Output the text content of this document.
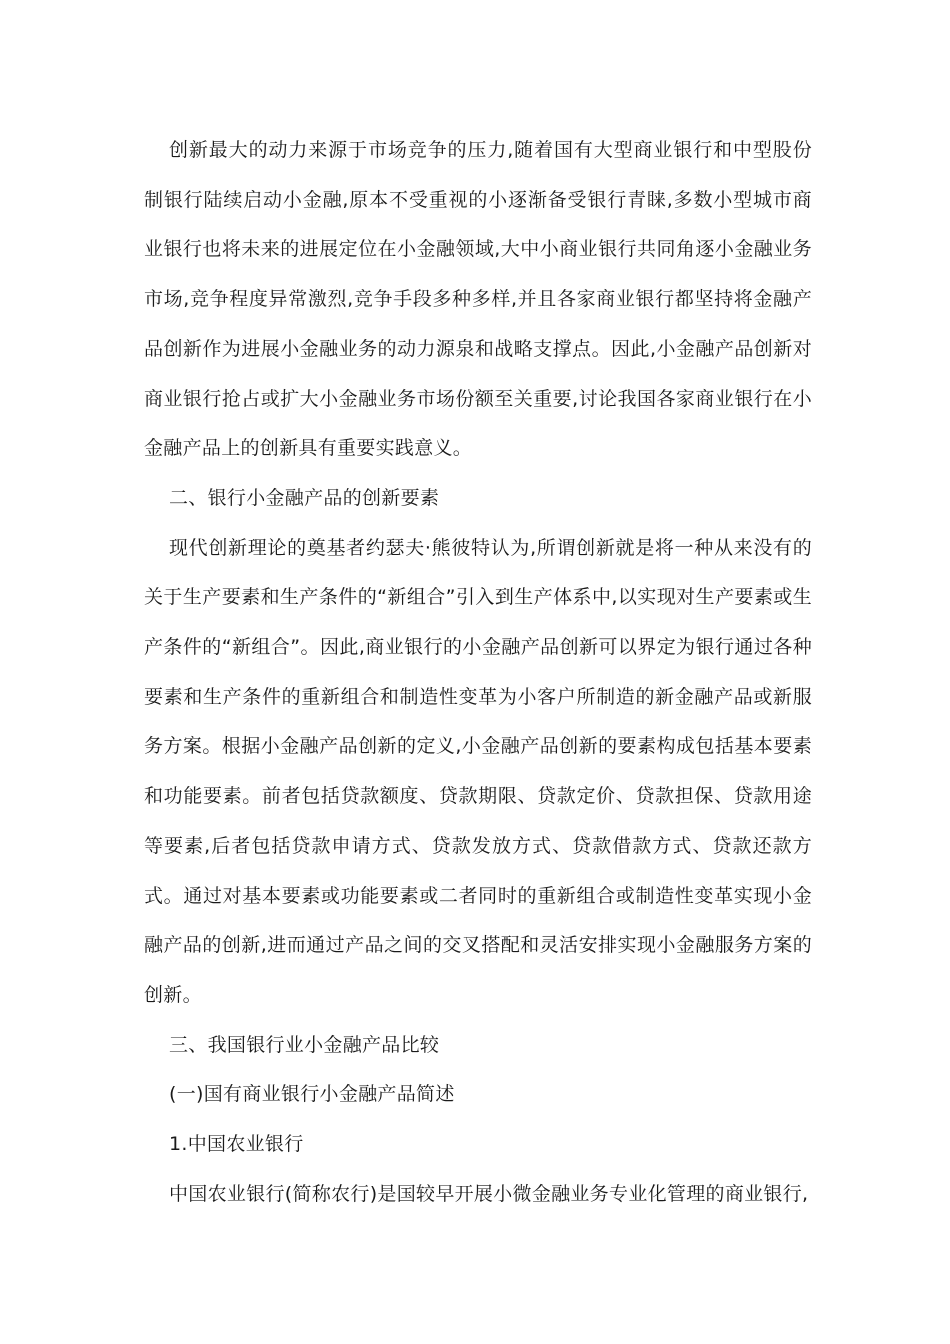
创新最大的动力来源于市场竞争的压力,随着国有大型商业银行和中型股份制银行陆续启动小金融,原本不受重视的小逐渐备受银行青睐,多数小型城市商业银行也将未来的进展定位在小金融领域,大中小商业银行共同角逐小金融业务市场,竞争程度异常激烈,竞争手段多种多样,并且各家商业银行都坚持将金融产品创新作为进展小金融业务的动力源泉和战略支撑点。因此,小金融产品创新对商业银行抢占或扩大小金融业务市场份额至关重要,讨论我国各家商业银行在小金融产品上的创新具有重要实践意义。

二、银行小金融产品的创新要素

现代创新理论的奠基者约瑟夫·熊彼特认为,所谓创新就是将一种从来没有的关于生产要素和生产条件的“新组合”引入到生产体系中,以实现对生产要素或生产条件的“新组合”。因此,商业银行的小金融产品创新可以界定为银行通过各种要素和生产条件的重新组合和制造性变革为小客户所制造的新金融产品或新服务方案。根据小金融产品创新的定义,小金融产品创新的要素构成包括基本要素和功能要素。前者包括贷款额度、贷款期限、贷款定价、贷款担保、贷款用途等要素,后者包括贷款申请方式、贷款发放方式、贷款借款方式、贷款还款方式。通过对基本要素或功能要素或二者同时的重新组合或制造性变革实现小金融产品的创新,进而通过产品之间的交叉搭配和灵活安排实现小金融服务方案的创新。

三、我国银行业小金融产品比较

(一)国有商业银行小金融产品简述

1.中国农业银行

中国农业银行(简称农行)是国较早开展小微金融业务专业化管理的商业银行,
